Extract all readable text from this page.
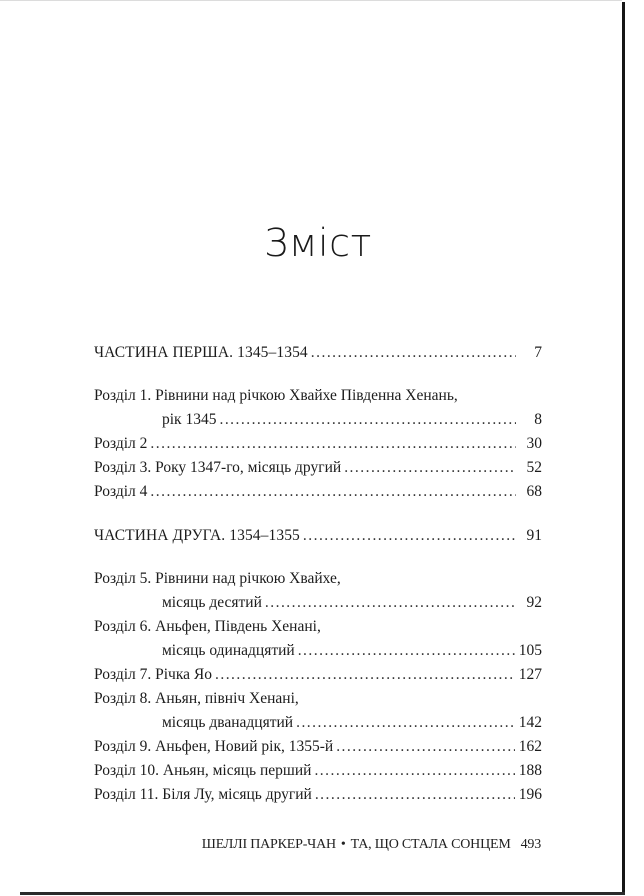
Зміст
ЧАСТИНА ПЕРША. 1345–1354 . . .	7
Розділ 1. Рівнини над річкою Хвайхе Південна Хенань,
рік 1345 . . .	8
Розділ 2 . . .	30
Розділ 3. Року 1347-го, місяць другий . . .	52
Розділ 4 . . .	68
ЧАСТИНА ДРУГА. 1354–1355 . . .	91
Розділ 5. Рівнини над річкою Хвайхе,
місяць десятий . . .	92
Розділ 6. Аньфен, Південь Хенані,
місяць одинадцятий . . .	105
Розділ 7. Річка Яо . . .	127
Розділ 8. Аньян, північ Хенані,
місяць дванадцятий . . .	142
Розділ 9. Аньфен, Новий рік, 1355-й . . .	162
Розділ 10. Аньян, місяць перший . . .	188
Розділ 11. Біля Лу, місяць другий . . .	196
ШЕЛЛІ ПАРКЕР-ЧАН • ТА, ЩО СТАЛА СОНЦЕМ 493
